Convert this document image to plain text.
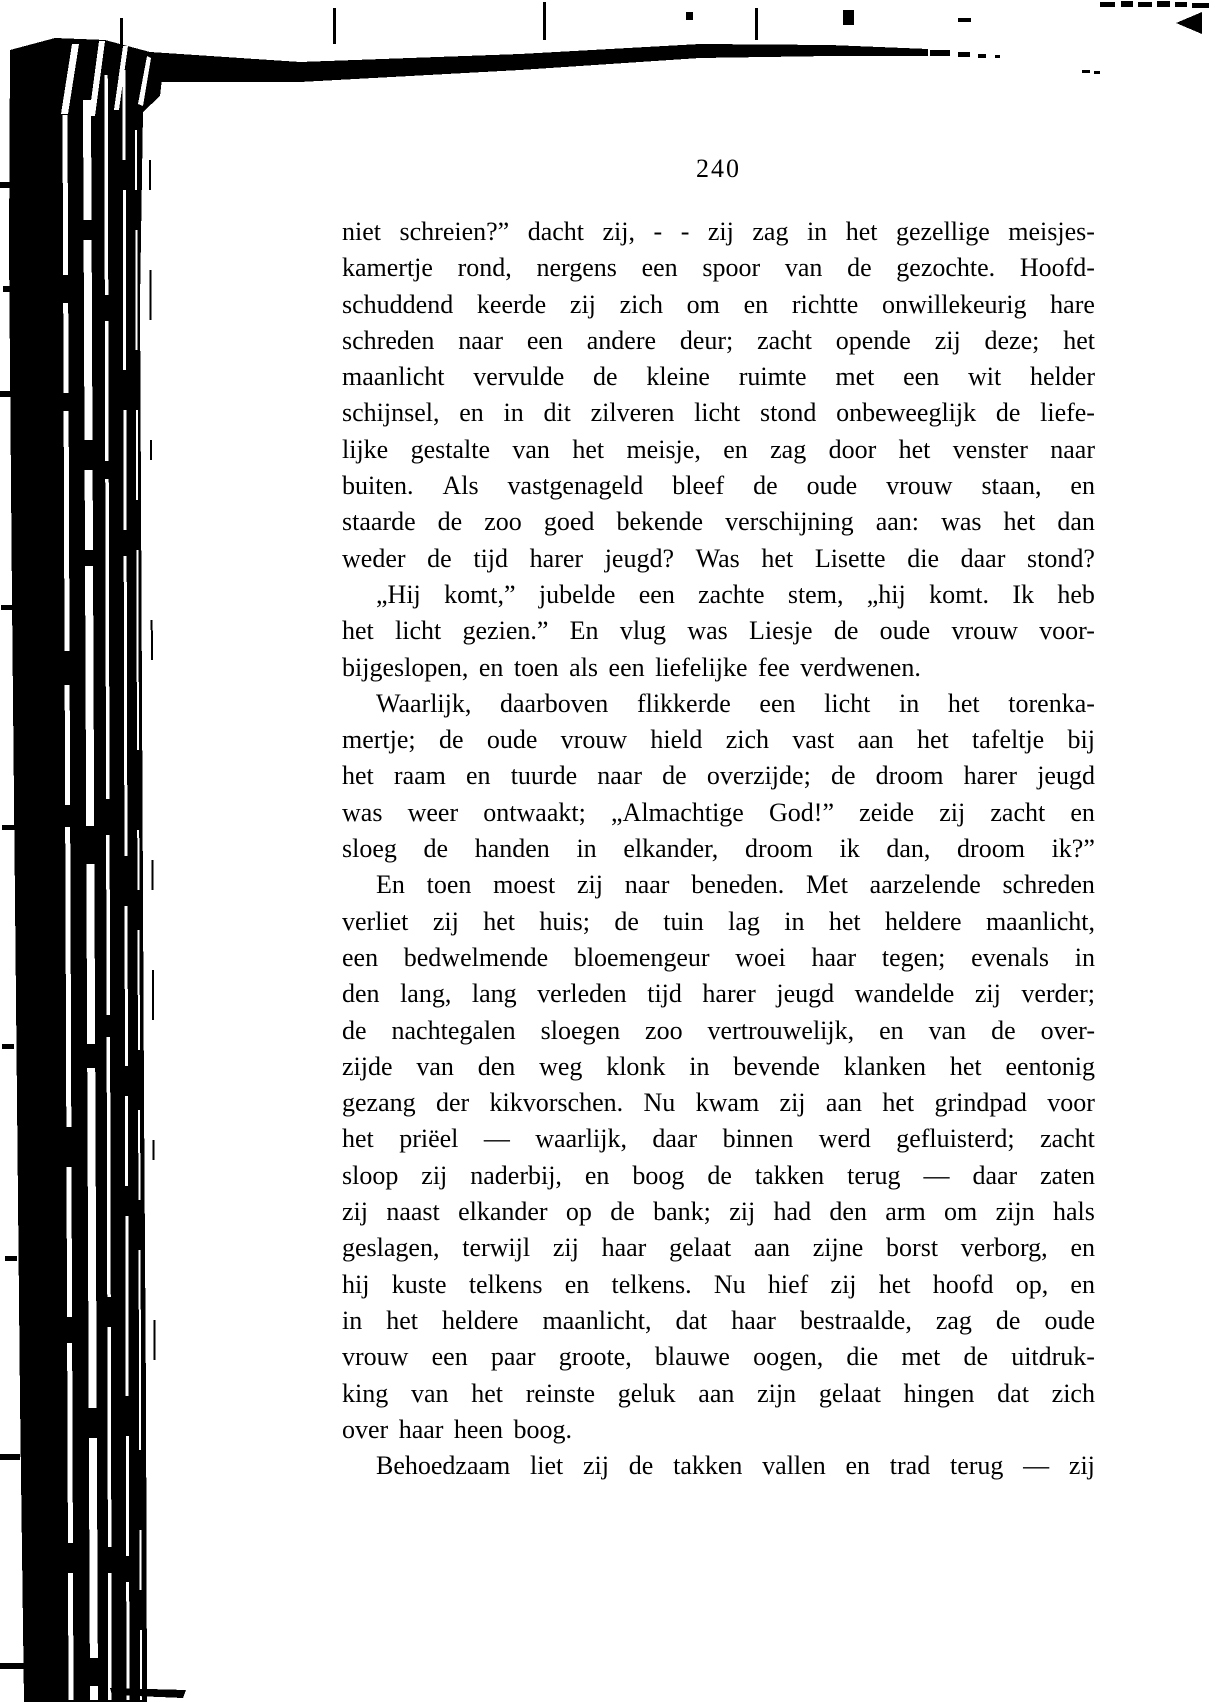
240
niet schreien?” dacht zij, - - zij zag in het gezellige meisjes-
kamertje rond, nergens een spoor van de gezochte. Hoofd-
schuddend keerde zij zich om en richtte onwillekeurig hare
schreden naar een andere deur; zacht opende zij deze; het
maanlicht vervulde de kleine ruimte met een wit helder
schijnsel, en in dit zilveren licht stond onbeweeglijk de liefe-
lijke gestalte van het meisje, en zag door het venster naar
buiten. Als vastgenageld bleef de oude vrouw staan, en
staarde de zoo goed bekende verschijning aan: was het dan
weder de tijd harer jeugd? Was het Lisette die daar stond?
„Hij komt,” jubelde een zachte stem, „hij komt. Ik heb
het licht gezien.” En vlug was Liesje de oude vrouw voor-
bijgeslopen, en toen als een liefelijke fee verdwenen.
Waarlijk, daarboven flikkerde een licht in het torenka-
mertje; de oude vrouw hield zich vast aan het tafeltje bij
het raam en tuurde naar de overzijde; de droom harer jeugd
was weer ontwaakt; „Almachtige God!” zeide zij zacht en
sloeg de handen in elkander, droom ik dan, droom ik?”
En toen moest zij naar beneden. Met aarzelende schreden
verliet zij het huis; de tuin lag in het heldere maanlicht,
een bedwelmende bloemengeur woei haar tegen; evenals in
den lang, lang verleden tijd harer jeugd wandelde zij verder;
de nachtegalen sloegen zoo vertrouwelijk, en van de over-
zijde van den weg klonk in bevende klanken het eentonig
gezang der kikvorschen. Nu kwam zij aan het grindpad voor
het priëel — waarlijk, daar binnen werd gefluisterd; zacht
sloop zij naderbij, en boog de takken terug — daar zaten
zij naast elkander op de bank; zij had den arm om zijn hals
geslagen, terwijl zij haar gelaat aan zijne borst verborg, en
hij kuste telkens en telkens. Nu hief zij het hoofd op, en
in het heldere maanlicht, dat haar bestraalde, zag de oude
vrouw een paar groote, blauwe oogen, die met de uitdruk-
king van het reinste geluk aan zijn gelaat hingen dat zich
over haar heen boog.
Behoedzaam liet zij de takken vallen en trad terug — zij
